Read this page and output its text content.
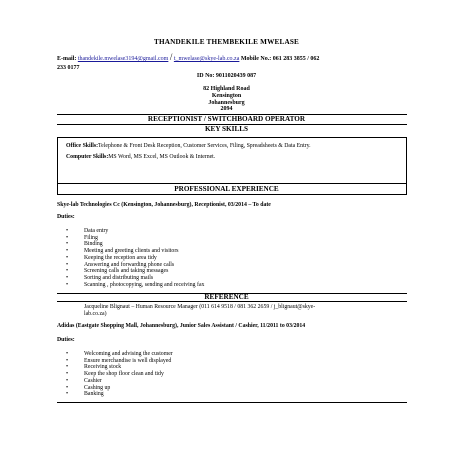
THANDEKILE THEMBEKILE MWELASE
E-mail: thandekile.mwelase3194@gmail.com / t_mwelase@skye-lab.co.za Mobile No.: 061 283 3855 / 062
233 0177
ID No: 9011020439 087
82 Highland Road
Kensington
Johannesburg
2094
RECEPTIONIST / SWITCHBOARD OPERATOR
KEY SKILLS
Office Skills:Telephone & Front Desk Reception, Customer Services, Filing, Spreadsheets & Data Entry.
Computer Skills:MS Word, MS Excel, MS Outlook & Internet.
PROFESSIONAL EXPERIENCE
Skye-lab Technologies Cc (Kensington, Johannesburg), Receptionist, 03/2014 – To date
Duties:
• Data entry
• Filing
• Binding
• Meeting and greeting clients and visitors
• Keeping the reception area tidy
• Answering and forwarding phone calls
• Screening calls and taking messages
• Sorting and distributing mails
• Scanning , photocopying, sending and receiving fax
REFERENCE
Jacqueline Blignaut – Human Resource Manager (011 614 9518 / 081 362 2659 / j_blignaut@skye-
lab.co.za)
Adidas (Eastgate Shopping Mall, Johannesburg), Junior Sales Assistant / Cashier, 11/2011 to 03/2014
Duties:
• Welcoming and advising the customer
• Ensure merchandise is well displayed
• Receiving stock
• Keep the shop floor clean and tidy
• Cashier
• Cashing up
• Banking
